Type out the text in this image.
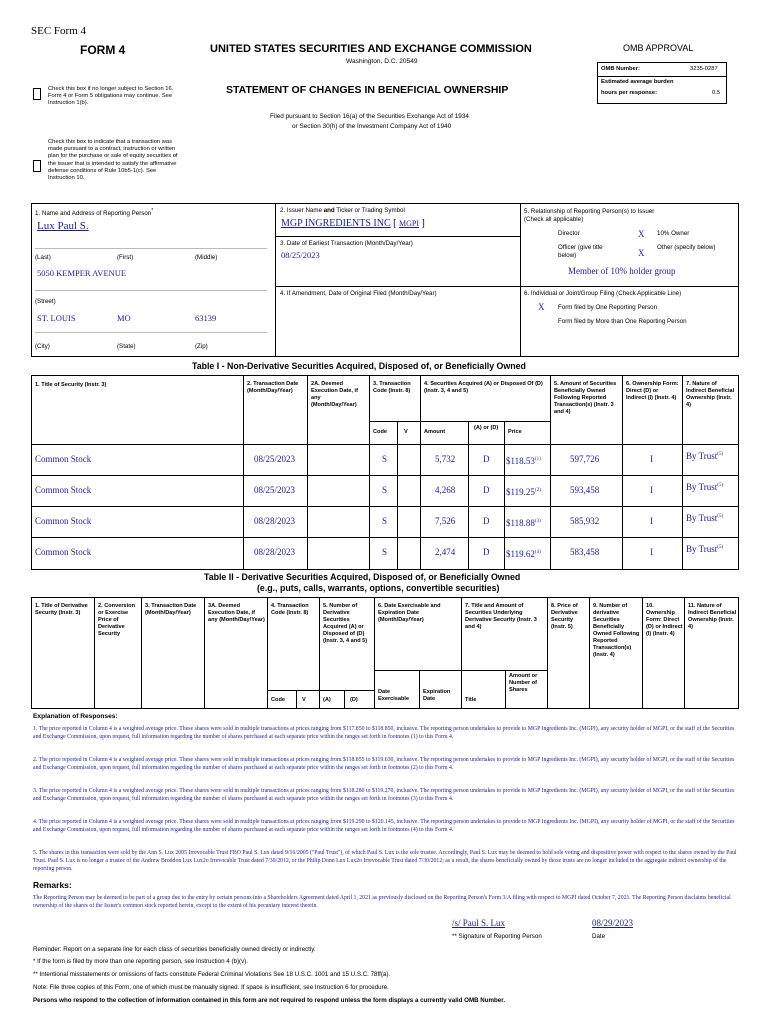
SEC Form 4
FORM 4	UNITED STATES SECURITIES AND EXCHANGE COMMISSION
Washington, D.C. 20549
STATEMENT OF CHANGES IN BENEFICIAL OWNERSHIP
Filed pursuant to Section 16(a) of the Securities Exchange Act of 1934
or Section 30(h) of the Investment Company Act of 1940
Check this box if no longer subject to Section 16. Form 4 or Form 5 obligations may continue. See Instruction 1(b).
Check this box to indicate that a transaction was made pursuant to a contract, instruction or written plan for the purchase or sale of equity securities of the issuer that is intended to satisfy the affirmative defense conditions of Rule 10b5-1(c). See Instruction 10.
OMB APPROVAL
OMB Number:	3235-0287
Estimated average burden
hours per response:	0.5
1. Name and Address of Reporting Person*
Lux Paul S.
(Last)	(First)	(Middle)
5050 KEMPER AVENUE
(Street)
ST. LOUIS	MO	63139
(City)	(State)	(Zip)
2. Issuer Name and Ticker or Trading Symbol
MGP INGREDIENTS INC [ MGPI ]
3. Date of Earliest Transaction (Month/Day/Year)
08/25/2023
4. If Amendment, Date of Original Filed (Month/Day/Year)
5. Relationship of Reporting Person(s) to Issuer
(Check all applicable)
X
Director	10% Owner
Officer (give title below)	X
Other (specify below)
Member of 10% holder group
6. Individual or Joint/Group Filing (Check Applicable Line)
X Form filed by One Reporting Person
Form filed by More than One Reporting Person
Table I - Non-Derivative Securities Acquired, Disposed of, or Beneficially Owned
1. Title of Security (Instr. 3)	2. Transaction Date (Month/Day/Year)
2A. Deemed Execution Date, if any (Month/Day/Year)
3. Transaction Code (Instr. 8)
4. Securities Acquired (A) or Disposed Of (D) (Instr. 3, 4 and 5)
5. Amount of Securities Beneficially Owned Following Reported Transaction(s) (Instr. 3 and 4)
6. Ownership Form: Direct (D) or Indirect (I) (Instr. 4)
7. Nature of Indirect Beneficial Ownership (Instr. 4)
Code	V	Amount
(A) or (D)
Price
Common Stock	08/25/2023	S	5,732	D $118.53$^{(1)}$	597,726	I	By Trust$^{(5)}$
Common Stock	08/25/2023	S	4,268	D $119.25$^{(2)}$	593,458	I	By Trust$^{(5)}$
Common Stock	08/28/2023	S	7,526	D $118.88$^{(3)}$	585,932	I	By Trust$^{(5)}$
Common Stock	08/28/2023	S	2,474	D $119.62$^{(4)}$	583,458	I	By Trust$^{(5)}$
Table II - Derivative Securities Acquired, Disposed of, or Beneficially Owned
(e.g., puts, calls, warrants, options, convertible securities)
1. Title of Derivative Security (Instr. 3)
2. Conversion or Exercise Price of Derivative Security
3. Transaction Date (Month/Day/Year)
3A. Deemed Execution Date, if any (Month/Day/Year)
4. Transaction Code (Instr. 8)
5. Number of Derivative Securities Acquired (A) or Disposed of (D) (Instr. 3, 4 and 5)
6. Date Exercisable and Expiration Date (Month/Day/Year)
7. Title and Amount of Securities Underlying Derivative Security (Instr. 3 and 4)
8. Price of Derivative Security (Instr. 5)
9. Number of derivative Securities Beneficially Owned Following Reported Transaction(s) (Instr. 4)
10. Ownership Form: Direct (D) or Indirect (I) (Instr. 4)
11. Nature of Indirect Beneficial Ownership (Instr. 4)
Code	V	(A)	(D)
Date Exercisable
Expiration Date	Title
Amount or Number of Shares
Explanation of Responses:
1. The price reported in Column 4 is a weighted average price. These shares were sold in multiple transactions at prices ranging from $117.850 to $118.850, inclusive. The reporting person undertakes to provide to MGP Ingredients Inc. (MGPI), any security holder of MGPI, or the staff of the Securities and Exchange Commission, upon request, full information regarding the number of shares purchased at each separate price within the ranges set forth in footnotes (1) to this Form 4.
2. The price reported in Column 4 is a weighted average price. These shares were sold in multiple transactions at prices ranging from $118.855 to $119.630, inclusive. The reporting person undertakes to provide to MGP Ingredients Inc. (MGPI), any security holder of MGPI, or the staff of the Securities and Exchange Commission, upon request, full information regarding the number of shares purchased at each separate price within the ranges set forth in footnotes (2) to this Form 4.
3. The price reported in Column 4 is a weighted average price. These shares were sold in multiple transactions at prices ranging from $118.280 to $119.270, inclusive. The reporting person undertakes to provide to MGP Ingredients Inc. (MGPI), any security holder of MGPI, or the staff of the Securities and Exchange Commission, upon request, full information regarding the number of shares purchased at each separate price within the ranges set forth in footnotes (3) to this Form 4.
4. The price reported in Column 4 is a weighted average price. These shares were sold in multiple transactions at prices ranging from $119.290 to $120.145, inclusive. The reporting person undertakes to provide to MGP Ingredients Inc. (MGPI), any security holder of MGPI, or the staff of the Securities and Exchange Commission, upon request, full information regarding the number of shares purchased at each separate price within the ranges set forth in footnotes (4) to this Form 4.
5. The shares in this transaction were sold by the Ann S. Lux 2005 Irrevocable Trust FBO Paul S. Lux dated 9/16/2005 ("Paul Trust"), of which Paul S. Lux is the sole trustee. Accordingly, Paul S. Lux may be deemed to hold sole voting and dispositive power with respect to the shares owned by the Paul Trust. Paul S. Lux is no longer a trustee of the Andrew Broddon Lux Lux2o Irrevocable Trust dated 7/30/2012, or the Philip Donn Lux Lux2o Irrevocable Trust dated 7/30/2012; as a result, the shares beneficially owned by those trusts are no longer included in the aggregate indirect ownership of the reporting person.
Remarks:
The Reporting Person may be deemed to be part of a group due to the entry by certain persons into a Shareholders Agreement dated April 1, 2021 as previously disclosed on the Reporting Person's Form 3/A filing with respect to MGPI dated October 7, 2021. The Reporting Person disclaims beneficial ownership of the shares of the Issuer's common stock reported herein, except to the extent of his pecuniary interest therein.
/s/ Paul S. Lux	08/29/2023
** Signature of Reporting Person	Date
Reminder: Report on a separate line for each class of securities beneficially owned directly or indirectly.
* If the form is filed by more than one reporting person, see Instruction 4 (b)(v).
** Intentional misstatements or omissions of facts constitute Federal Criminal Violations See 18 U.S.C. 1001 and 15 U.S.C. 78ff(a).
Note: File three copies of this Form, one of which must be manually signed. If space is insufficient, see Instruction 6 for procedure.
Persons who respond to the collection of information contained in this form are not required to respond unless the form displays a currently valid OMB Number.
